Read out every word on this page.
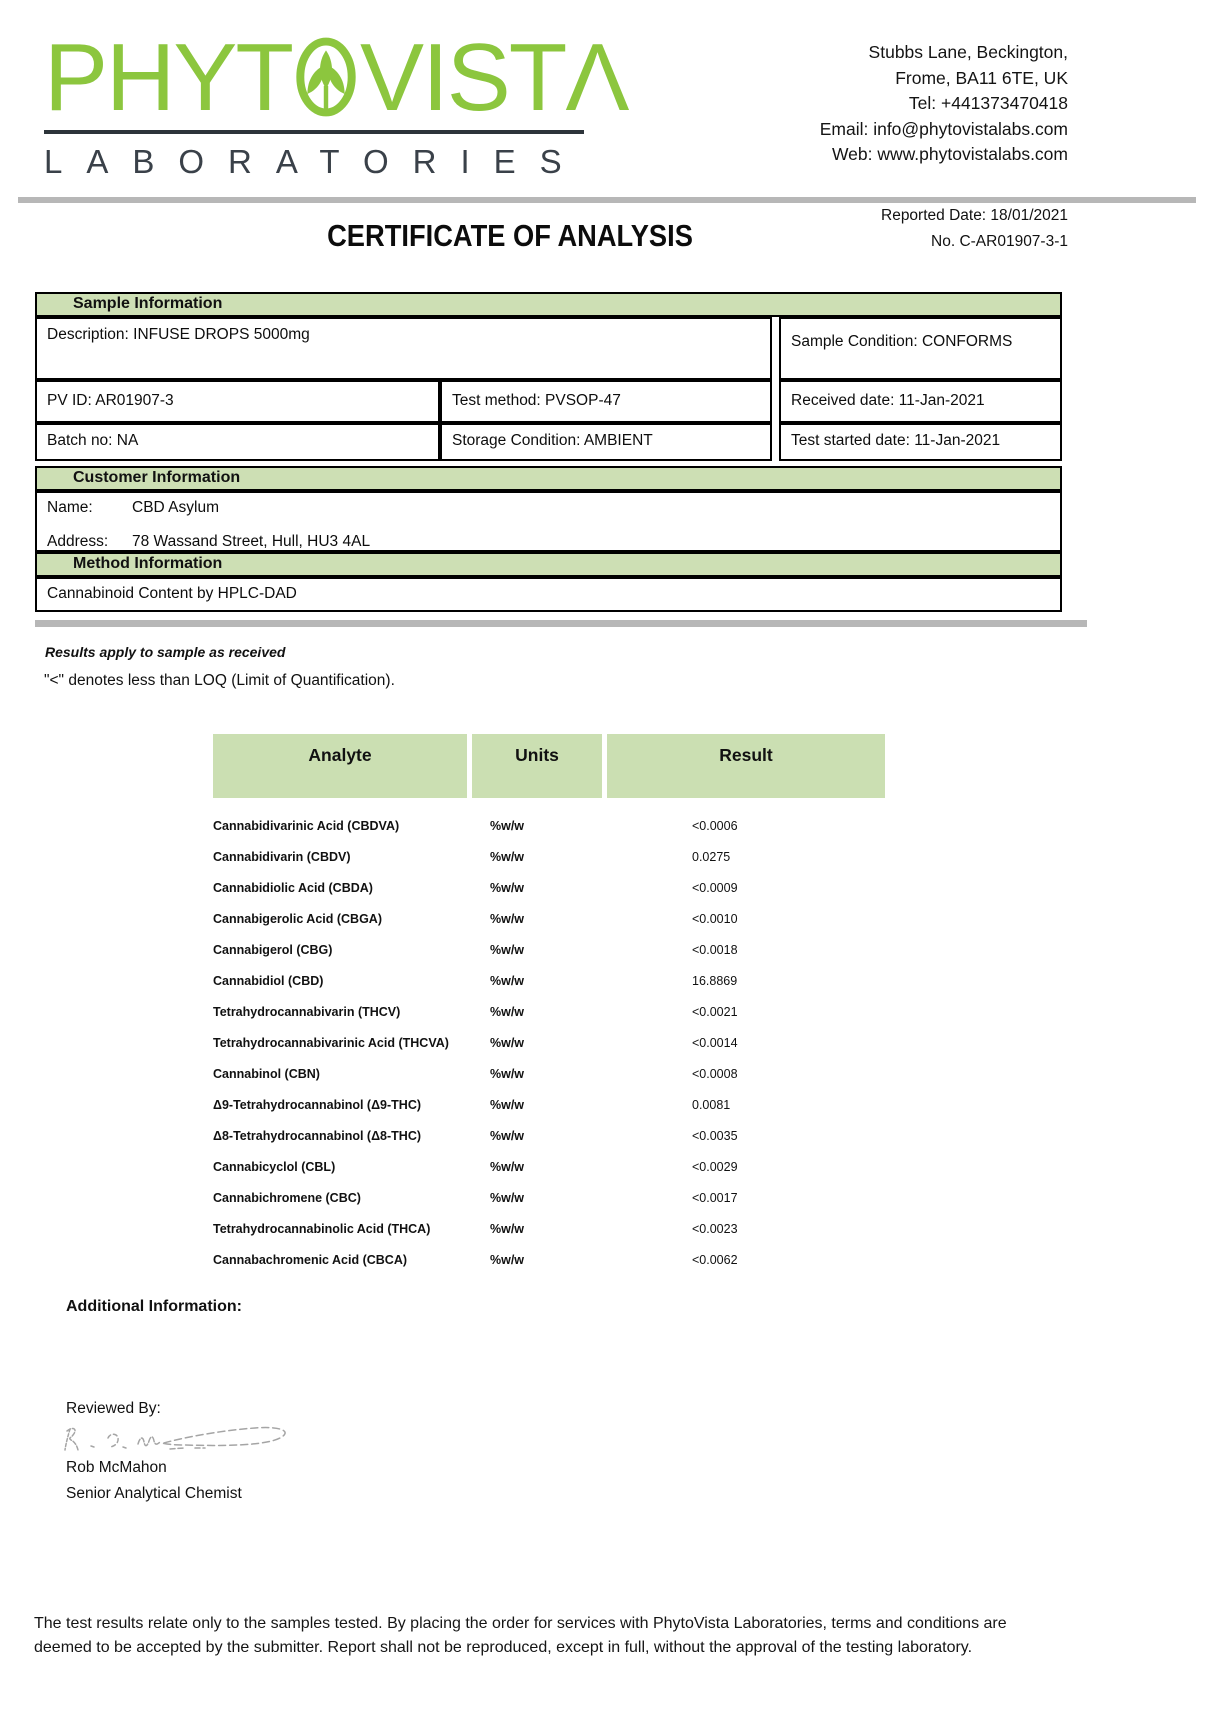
PHYT VISTΛ
LABORATORIES
Stubbs Lane, Beckington,
Frome, BA11 6TE, UK
Tel: +441373470418
Email: info@phytovistalabs.com
Web: www.phytovistalabs.com
Reported Date: 18/01/2021
No. C-AR01907-3-1
CERTIFICATE OF ANALYSIS
Sample Information
Description: INFUSE DROPS 5000mg	Sample Condition: CONFORMS
PV ID: AR01907-3	Test method: PVSOP-47	Received date: 11-Jan-2021
Batch no: NA	Storage Condition: AMBIENT	Test started date: 11-Jan-2021
Customer Information
Name:	CBD Asylum
Address: 78 Wassand Street, Hull, HU3 4AL
Method Information
Cannabinoid Content by HPLC-DAD
Results apply to sample as received
"<" denotes less than LOQ (Limit of Quantification).
Analyte	Units	Result
Cannabidivarinic Acid (CBDVA)	%w/w	<0.0006
Cannabidivarin (CBDV)	%w/w	0.0275
Cannabidiolic Acid (CBDA)	%w/w	<0.0009
Cannabigerolic Acid (CBGA)	%w/w	<0.0010
Cannabigerol (CBG)	%w/w	<0.0018
Cannabidiol (CBD)	%w/w	16.8869
Tetrahydrocannabivarin (THCV)	%w/w	<0.0021
Tetrahydrocannabivarinic Acid (THCVA)	%w/w	<0.0014
Cannabinol (CBN)	%w/w	<0.0008
Δ9-Tetrahydrocannabinol (Δ9-THC)	%w/w	0.0081
Δ8-Tetrahydrocannabinol (Δ8-THC)	%w/w	<0.0035
Cannabicyclol (CBL)	%w/w	<0.0029
Cannabichromene (CBC)	%w/w	<0.0017
Tetrahydrocannabinolic Acid (THCA)	%w/w	<0.0023
Cannabachromenic Acid (CBCA)	%w/w	<0.0062
Additional Information:
Reviewed By:
Rob McMahon
Senior Analytical Chemist
The test results relate only to the samples tested. By placing the order for services with PhytoVista Laboratories, terms and conditions are
deemed to be accepted by the submitter. Report shall not be reproduced, except in full, without the approval of the testing laboratory.
